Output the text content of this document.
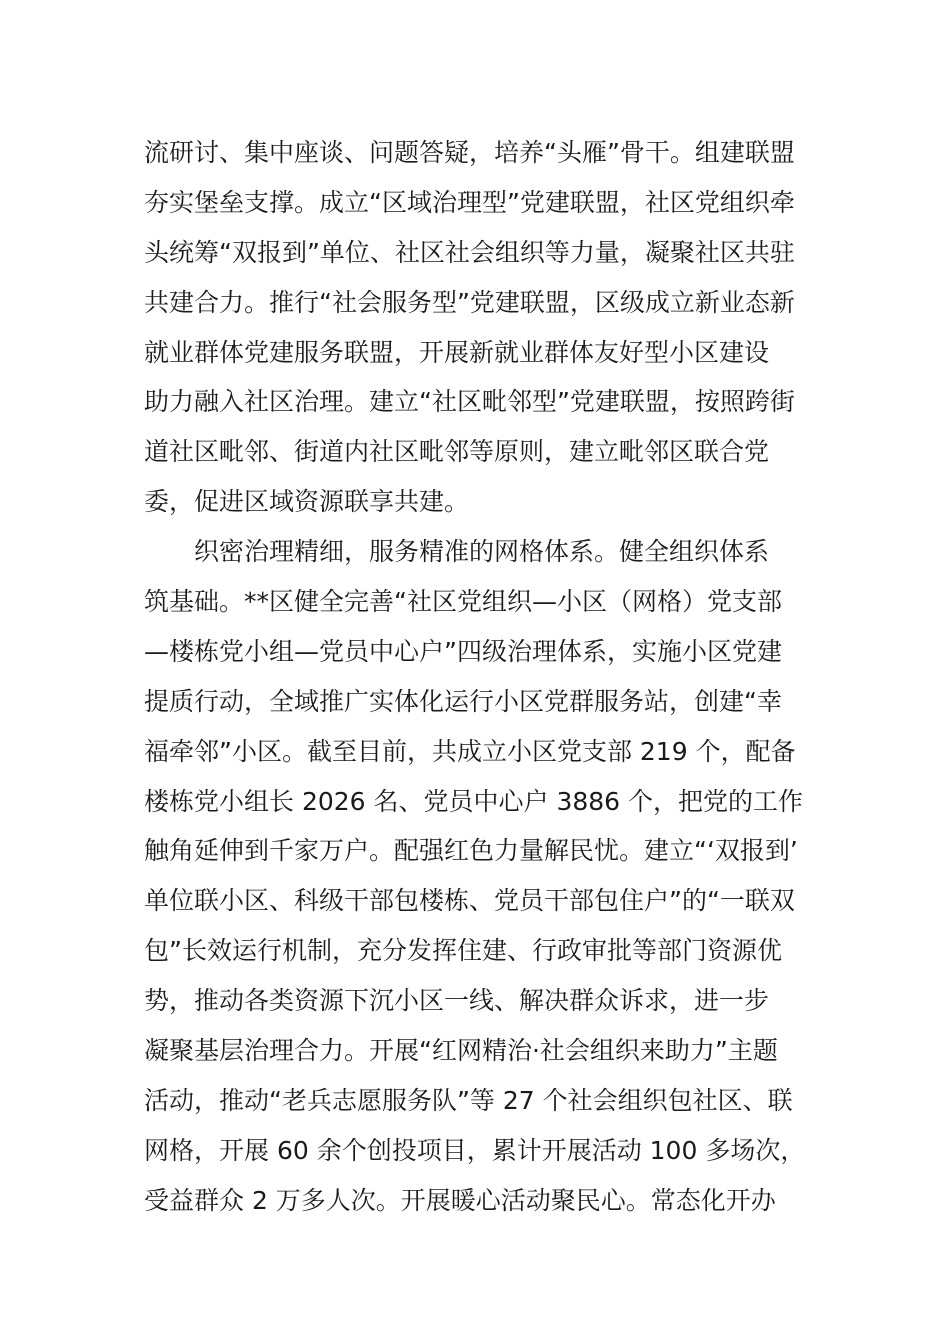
流研讨、集中座谈、问题答疑，培养“头雁”骨干。组建联盟
夯实堡垒支撑。成立“区域治理型”党建联盟，社区党组织牵
头统筹“双报到”单位、社区社会组织等力量，凝聚社区共驻
共建合力。推行“社会服务型”党建联盟，区级成立新业态新
就业群体党建服务联盟，开展新就业群体友好型小区建设
助力融入社区治理。建立“社区毗邻型”党建联盟，按照跨街
道社区毗邻、街道内社区毗邻等原则，建立毗邻区联合党
委，促进区域资源联享共建。
织密治理精细，服务精准的网格体系。健全组织体系
筑基础。**区健全完善“社区党组织—小区（网格）党支部
—楼栋党小组—党员中心户”四级治理体系，实施小区党建
提质行动，全域推广实体化运行小区党群服务站，创建“幸
福牵邻”小区。截至目前，共成立小区党支部 219 个，配备
楼栋党小组长 2026 名、党员中心户 3886 个，把党的工作
触角延伸到千家万户。配强红色力量解民忧。建立“‘双报到’
单位联小区、科级干部包楼栋、党员干部包住户”的“一联双
包”长效运行机制，充分发挥住建、行政审批等部门资源优
势，推动各类资源下沉小区一线、解决群众诉求，进一步
凝聚基层治理合力。开展“红网精治·社会组织来助力”主题
活动，推动“老兵志愿服务队”等 27 个社会组织包社区、联
网格，开展 60 余个创投项目，累计开展活动 100 多场次，
受益群众 2 万多人次。开展暖心活动聚民心。常态化开办
